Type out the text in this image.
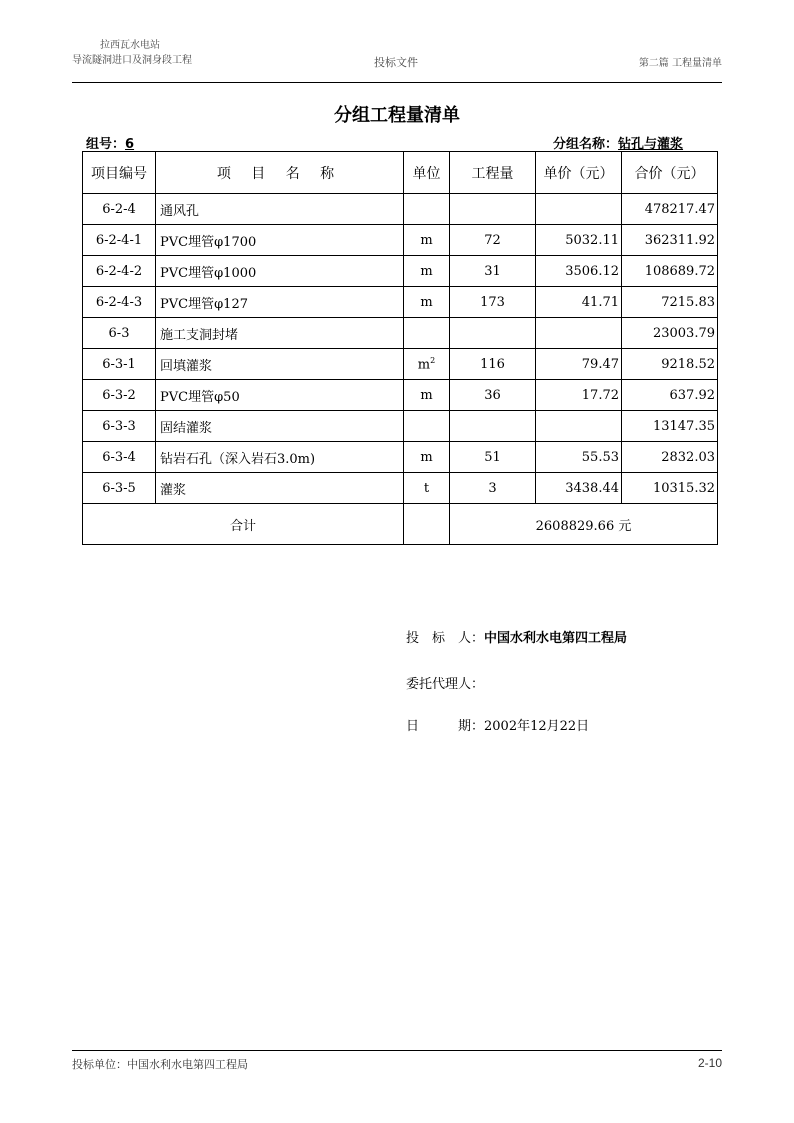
拉西瓦水电站
导流隧洞进口及洞身段工程	投标文件	第二篇 工程量清单
分组工程量清单
组号：6	分组名称：钻孔与灌浆
项目编号	项 目 名 称	单位	工程量	单价（元）	合价（元）
6-2-4	通风孔				478217.47
6-2-4-1	PVC埋管φ1700	m	72	5032.11	362311.92
6-2-4-2	PVC埋管φ1000	m	31	3506.12	108689.72
6-2-4-3	PVC埋管φ127	m	173	41.71	7215.83
6-3	施工支洞封堵				23003.79
6-3-1	回填灌浆	$m^2$	116	79.47	9218.52
6-3-2	PVC埋管φ50	m	36	17.72	637.92
6-3-3	固结灌浆				13147.35
6-3-4	钻岩石孔（深入岩石3.0m)	m	51	55.53	2832.03
6-3-5	灌浆	t	3	3438.44	10315.32
合计			2608829.66 元		
投　标　人：中国水利水电第四工程局
委托代理人：
日　　　期：2002年12月22日
投标单位：中国水利水电第四工程局	2-10
